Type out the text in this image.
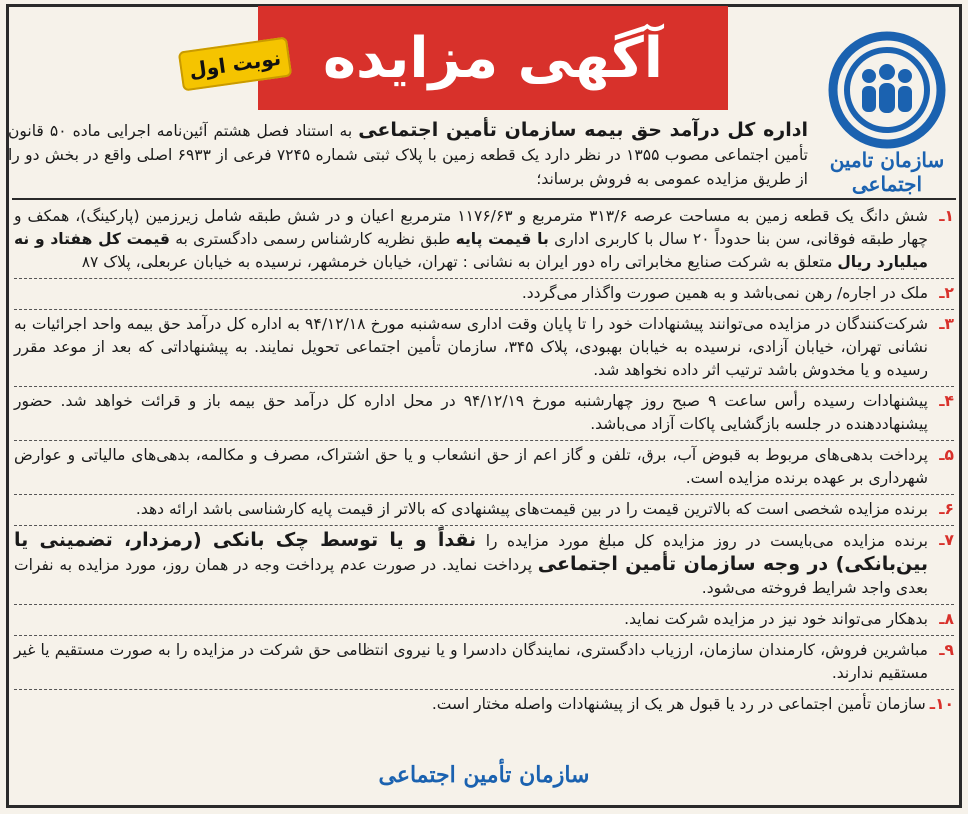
آگهی مزایده
نوبت اول
سازمان تامین اجتماعی
اداره کل درآمد حق بیمه سازمان تأمین اجتماعی به استناد فصل هشتم آئین‌نامه اجرایی ماده ۵۰ قانون تأمین اجتماعی مصوب ۱۳۵۵ در نظر دارد یک قطعه زمین با پلاک ثبتی شماره ۷۲۴۵ فرعی از ۶۹۳۳ اصلی واقع در بخش دو را از طریق مزایده عمومی به فروش برساند؛
۱ـ
شش دانگ یک قطعه زمین به مساحت عرصه ۳۱۳/۶ مترمربع و ۱۱۷۶/۶۳ مترمربع اعیان و در شش طبقه شامل زیرزمین (پارکینگ)، همکف و چهار طبقه فوقانی، سن بنا حدوداً ۲۰ سال با کاربری اداری با قیمت پایه طبق نظریه کارشناس رسمی دادگستری به قیمت کل هفتاد و نه میلیارد ریال متعلق به شرکت صنایع مخابراتی راه دور ایران به نشانی : تهران، خیابان خرمشهر، نرسیده به خیابان عربعلی، پلاک ۸۷
۲ـ
ملک در اجاره/ رهن نمی‌باشد و به همین صورت واگذار می‌گردد.
۳ـ
شرکت‌کنندگان در مزایده می‌توانند پیشنهادات خود را تا پایان وقت اداری سه‌شنبه مورخ ۹۴/۱۲/۱۸ به اداره کل درآمد حق بیمه واحد اجرائیات به نشانی تهران، خیابان آزادی، نرسیده به خیابان بهبودی، پلاک ۳۴۵، سازمان تأمین اجتماعی تحویل نمایند. به پیشنهاداتی که بعد از موعد مقرر رسیده و یا مخدوش باشد ترتیب اثر داده نخواهد شد.
۴ـ
پیشنهادات رسیده رأس ساعت ۹ صبح روز چهارشنبه مورخ ۹۴/۱۲/۱۹ در محل اداره کل درآمد حق بیمه باز و قرائت خواهد شد. حضور پیشنهاددهنده در جلسه بازگشایی پاکات آزاد می‌باشد.
۵ـ
پرداخت بدهی‌های مربوط به قبوض آب، برق، تلفن و گاز اعم از حق انشعاب و یا حق اشتراک، مصرف و مکالمه، بدهی‌های مالیاتی و عوارض شهرداری بر عهده برنده مزایده است.
۶ـ
برنده مزایده شخصی است که بالاترین قیمت را در بین قیمت‌های پیشنهادی که بالاتر از قیمت پایه کارشناسی باشد ارائه دهد.
۷ـ
برنده مزایده می‌بایست در روز مزایده کل مبلغ مورد مزایده را نقداً و یا توسط چک بانکی (رمزدار، تضمینی یا بین‌بانکی) در وجه سازمان تأمین اجتماعی پرداخت نماید. در صورت عدم پرداخت وجه در همان روز، مورد مزایده به نفرات بعدی واجد شرایط فروخته می‌شود.
۸ـ
بدهکار می‌تواند خود نیز در مزایده شرکت نماید.
۹ـ
مباشرین فروش، کارمندان سازمان، ارزیاب دادگستری، نمایندگان دادسرا و یا نیروی انتظامی حق شرکت در مزایده را به صورت مستقیم یا غیر مستقیم ندارند.
۱۰ـ
سازمان تأمین اجتماعی در رد یا قبول هر یک از پیشنهادات واصله مختار است.
سازمان تأمین اجتماعی
